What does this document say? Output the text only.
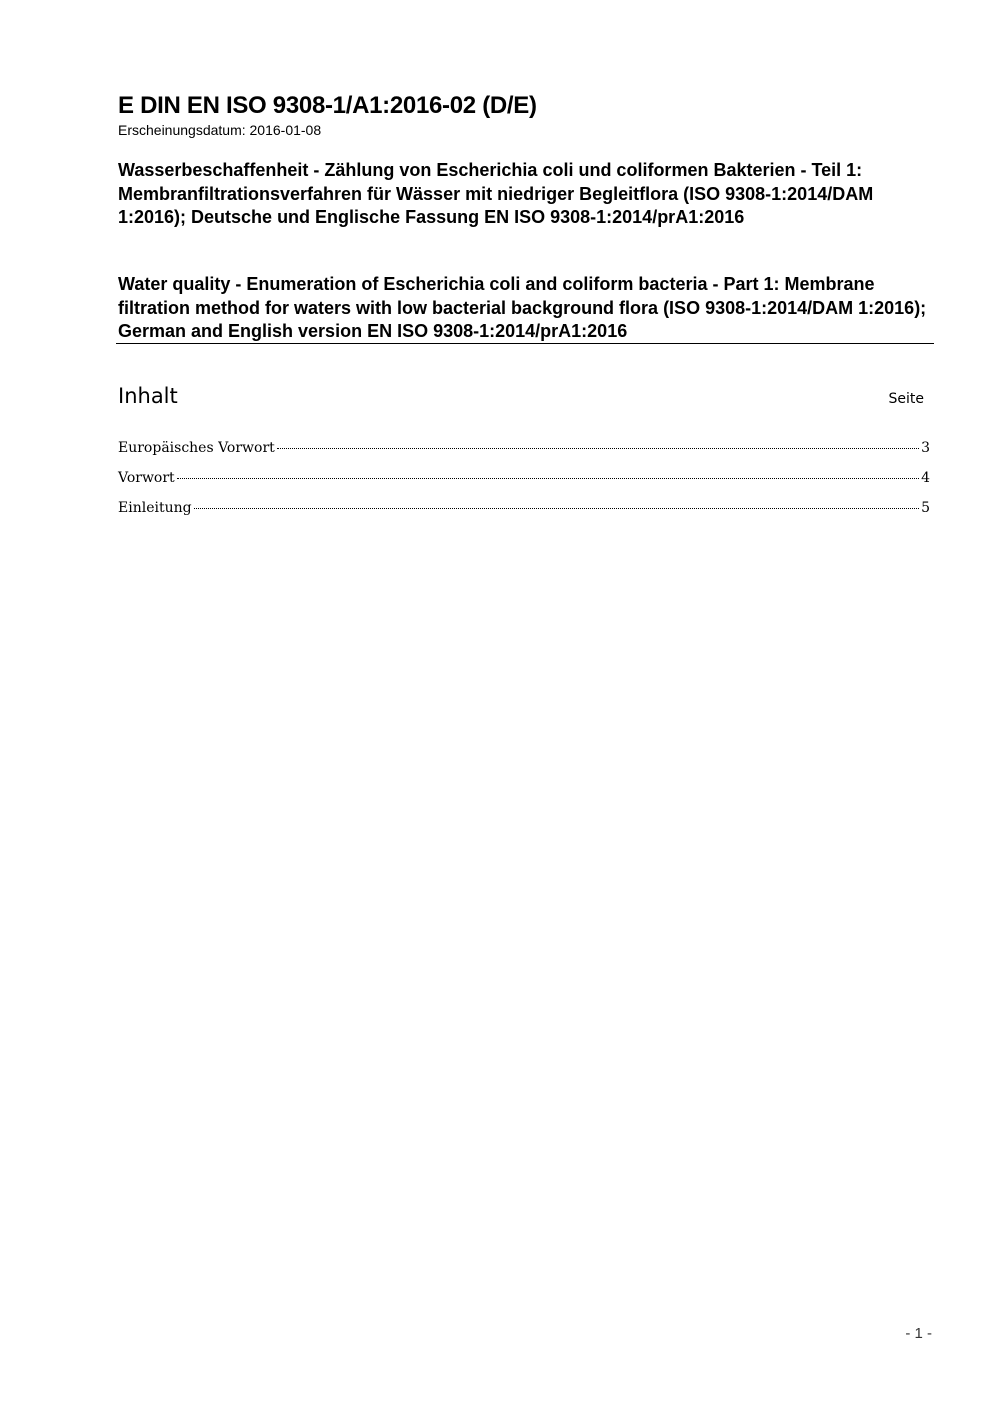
E DIN EN ISO 9308-1/A1:2016-02 (D/E)
Erscheinungsdatum: 2016-01-08
Wasserbeschaffenheit - Zählung von Escherichia coli und coliformen Bakterien - Teil 1: Membranfiltrationsverfahren für Wässer mit niedriger Begleitflora (ISO 9308-1:2014/DAM 1:2016); Deutsche und Englische Fassung EN ISO 9308-1:2014/prA1:2016
Water quality - Enumeration of Escherichia coli and coliform bacteria - Part 1: Membrane filtration method for waters with low bacterial background flora (ISO 9308-1:2014/DAM 1:2016); German and English version EN ISO 9308-1:2014/prA1:2016
Inhalt	Seite
Europäisches Vorwort	3
Vorwort	4
Einleitung	5
- 1 -
